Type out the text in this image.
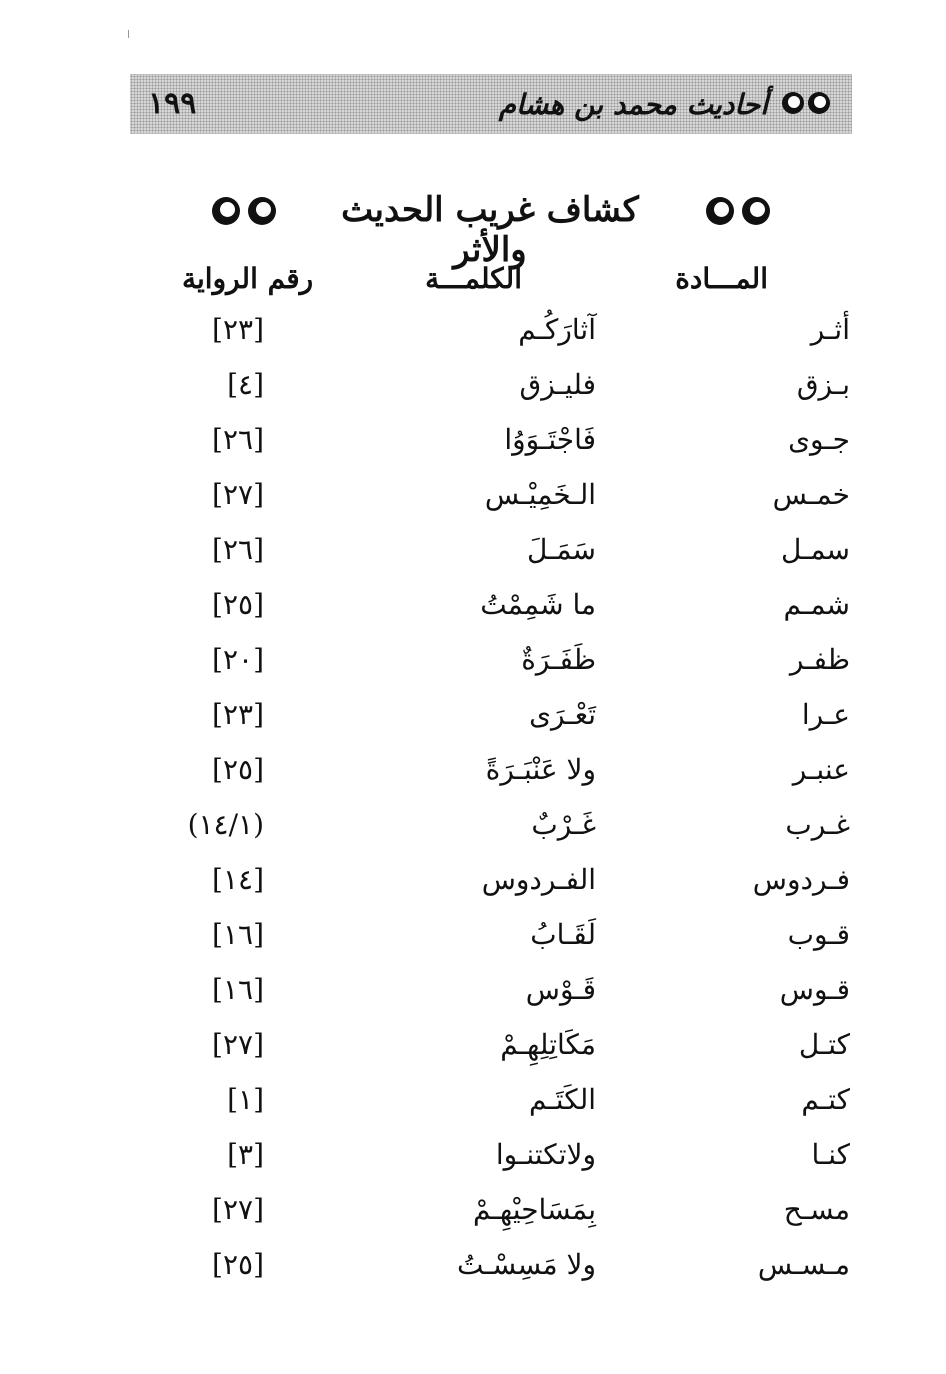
١٩٩	أحاديث محمد بن هشام
كشاف غريب الحديث والأثر
المـــادة
الكلمـــة
رقم الرواية
أثـر
آثارَكُـم
[٢٣]
بـزق
فليـزق
[٤]
جـوى
فَاجْتَـوَوُا
[٢٦]
خمـس
الـخَمِيْـس
[٢٧]
سمـل
سَمَـلَ
[٢٦]
شمـم
ما شَمِمْتُ
[٢٥]
ظفـر
ظَفَـرَةٌ
[٢٠]
عـرا
تَعْـرَى
[٢٣]
عنبـر
ولا عَنْبَـرَةً
[٢٥]
غـرب
غَـرْبٌ
(١٤/١)
فـردوس
الفـردوس
[١٤]
قـوب
لَقَـابُ
[١٦]
قـوس
قَـوْس
[١٦]
كتـل
مَكَاتِلِهِـمْ
[٢٧]
كتـم
الكَتَـم
[١]
كنـا
ولاتكتنـوا
[٣]
مسـح
بِمَسَاحِيْهِـمْ
[٢٧]
مـسـس
ولا مَسِسْـتُ
[٢٥]
